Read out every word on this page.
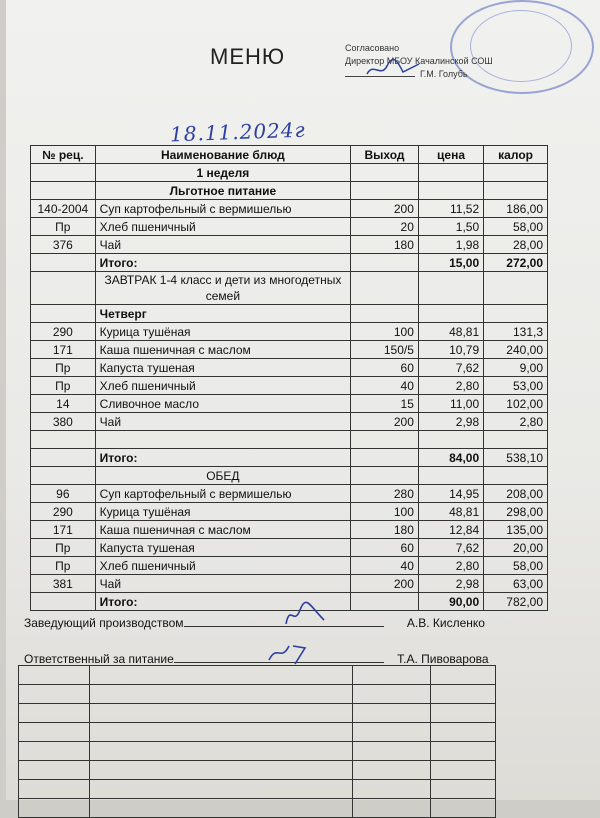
МЕНЮ	Согласовано
Директор МБОУ Качалинской СОШ
Г.М. Голубь
18.11.2024г
№ рец.	Наименование блюд	Выход	цена	калор
	1 неделя			
	Льготное питание			
140-2004	Суп картофельный с вермишелью	200	11,52	186,00
Пр	Хлеб пшеничный	20	1,50	58,00
376	Чай	180	1,98	28,00
	Итого:		15,00	272,00
	ЗАВТРАК 1-4 класс и дети из многодетных семей			
	Четверг			
290	Курица тушёная	100	48,81	131,3
171	Каша пшеничная с маслом	150/5	10,79	240,00
Пр	Капуста тушеная	60	7,62	9,00
Пр	Хлеб пшеничный	40	2,80	53,00
14	Сливочное масло	15	11,00	102,00
380	Чай	200	2,98	2,80

	Итого:		84,00	538,10
	ОБЕД			
96	Суп картофельный с вермишелью	280	14,95	208,00
290	Курица тушёная	100	48,81	298,00
171	Каша пшеничная с маслом	180	12,84	135,00
Пр	Капуста тушеная	60	7,62	20,00
Пр	Хлеб пшеничный	40	2,80	58,00
381	Чай	200	2,98	63,00
	Итого:		90,00	782,00
Заведующий производством	А.В. Кисленко
Ответственный за питание	Т.А. Пивоварова
